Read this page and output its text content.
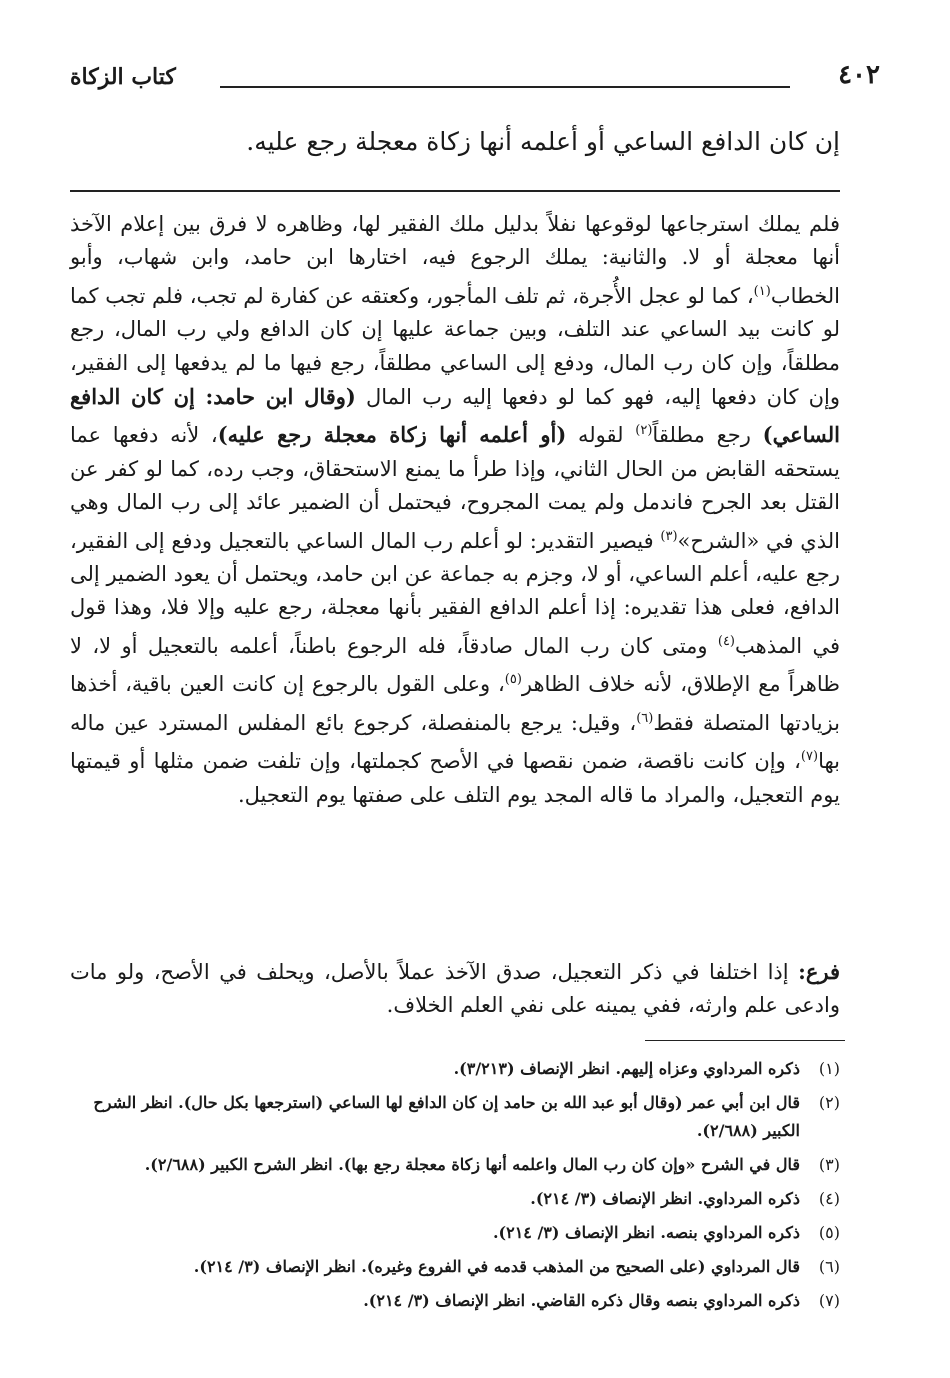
٤٠٢
كتاب الزكاة

إن كان الدافع الساعي أو أعلمه أنها زكاة معجلة رجع عليه.

فلم يملك استرجاعها لوقوعها نفلاً بدليل ملك الفقير لها، وظاهره لا فرق بين إعلام الآخذ أنها معجلة أو لا. والثانية: يملك الرجوع فيه، اختارها ابن حامد، وابن شهاب، وأبو الخطاب$^{(١)}$، كما لو عجل الأُجرة، ثم تلف المأجور، وكعتقه عن كفارة لم تجب، فلم تجب كما لو كانت بيد الساعي عند التلف، وبين جماعة عليها إن كان الدافع ولي رب المال، رجع مطلقاً، وإن كان رب المال، ودفع إلى الساعي مطلقاً، رجع فيها ما لم يدفعها إلى الفقير، وإن كان دفعها إليه، فهو كما لو دفعها إليه رب المال (وقال ابن حامد: إن كان الدافع الساعي) رجع مطلقاً$^{(٢)}$ لقوله (أو أعلمه أنها زكاة معجلة رجع عليه)، لأنه دفعها عما يستحقه القابض من الحال الثاني، وإذا طرأ ما يمنع الاستحقاق، وجب رده، كما لو كفر عن القتل بعد الجرح فاندمل ولم يمت المجروح، فيحتمل أن الضمير عائد إلى رب المال وهي الذي في «الشرح»$^{(٣)}$ فيصير التقدير: لو أعلم رب المال الساعي بالتعجيل ودفع إلى الفقير، رجع عليه، أعلم الساعي، أو لا، وجزم به جماعة عن ابن حامد، ويحتمل أن يعود الضمير إلى الدافع، فعلى هذا تقديره: إذا أعلم الدافع الفقير بأنها معجلة، رجع عليه وإلا فلا، وهذا قول في المذهب$^{(٤)}$ ومتى كان رب المال صادقاً، فله الرجوع باطناً، أعلمه بالتعجيل أو لا، لا ظاهراً مع الإطلاق، لأنه خلاف الظاهر$^{(٥)}$، وعلى القول بالرجوع إن كانت العين باقية، أخذها بزيادتها المتصلة فقط$^{(٦)}$، وقيل: يرجع بالمنفصلة، كرجوع بائع المفلس المسترد عين ماله بها$^{(٧)}$، وإن كانت ناقصة، ضمن نقصها في الأصح كجملتها، وإن تلفت ضمن مثلها أو قيمتها يوم التعجيل، والمراد ما قاله المجد يوم التلف على صفتها يوم التعجيل.

فرع: إذا اختلفا في ذكر التعجيل، صدق الآخذ عملاً بالأصل، ويحلف في الأصح، ولو مات وادعى علم وارثه، ففي يمينه على نفي العلم الخلاف.

(١)
ذكره المرداوي وعزاه إليهم. انظر الإنصاف (٣/٢١٣).
(٢)
قال ابن أبي عمر (وقال أبو عبد الله بن حامد إن كان الدافع لها الساعي (استرجعها بكل حال). انظر الشرح الكبير (٢/٦٨٨).
(٣)
قال في الشرح «وإن كان رب المال واعلمه أنها زكاة معجلة رجع بها). انظر الشرح الكبير (٢/٦٨٨).
(٤)
ذكره المرداوي. انظر الإنصاف (٣/ ٢١٤).
(٥)
ذكره المرداوي بنصه. انظر الإنصاف (٣/ ٢١٤).
(٦)
قال المرداوي (على الصحيح من المذهب قدمه في الفروع وغيره). انظر الإنصاف (٣/ ٢١٤).
(٧)
ذكره المرداوي بنصه وقال ذكره القاضي. انظر الإنصاف (٣/ ٢١٤).
